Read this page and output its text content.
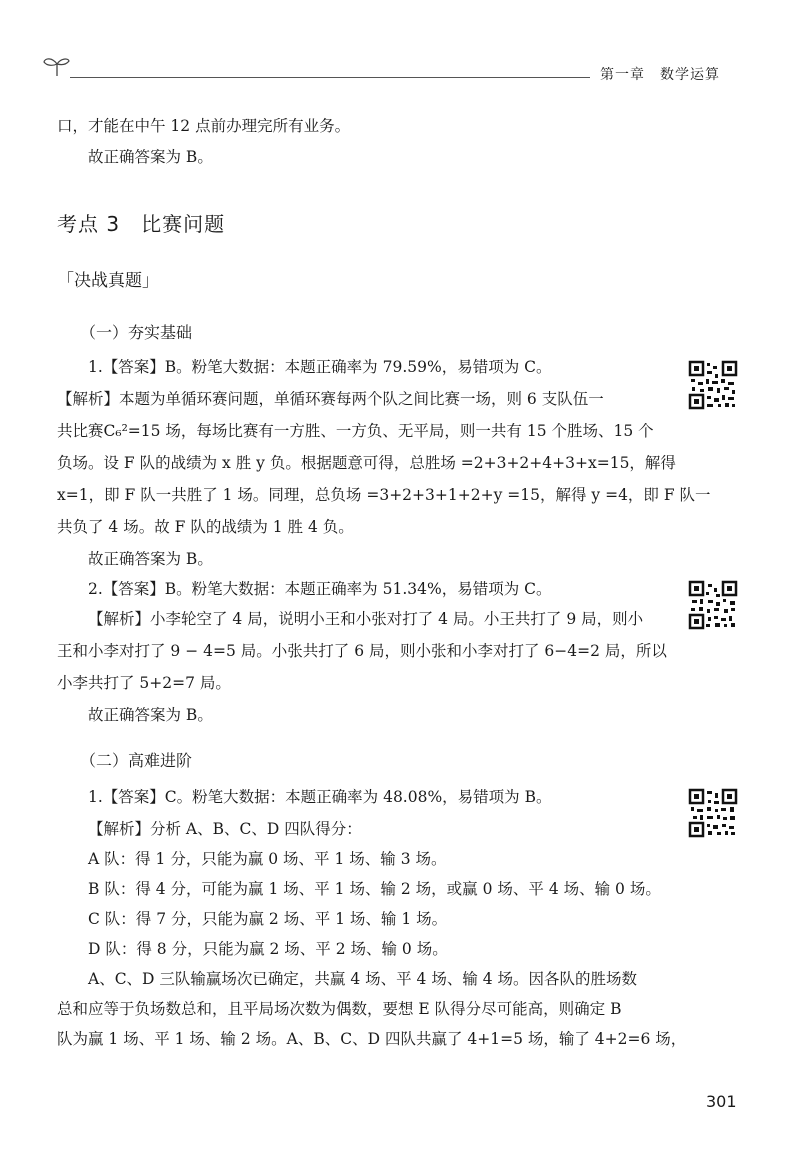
第一章　数学运算
口，才能在中午 12 点前办理完所有业务。
故正确答案为 B。
考点 3　比赛问题
「决战真题」
（一）夯实基础
1.【答案】B。粉笔大数据：本题正确率为 79.59%，易错项为 C。
【解析】本题为单循环赛问题，单循环赛每两个队之间比赛一场，则 6 支队伍一
共比赛C₆²=15 场，每场比赛有一方胜、一方负、无平局，则一共有 15 个胜场、15 个
负场。设 F 队的战绩为 x 胜 y 负。根据题意可得，总胜场 =2+3+2+4+3+x=15，解得
x=1，即 F 队一共胜了 1 场。同理，总负场 =3+2+3+1+2+y =15，解得 y =4，即 F 队一
共负了 4 场。故 F 队的战绩为 1 胜 4 负。
故正确答案为 B。
2.【答案】B。粉笔大数据：本题正确率为 51.34%，易错项为 C。
【解析】小李轮空了 4 局，说明小王和小张对打了 4 局。小王共打了 9 局，则小
王和小李对打了 9 − 4=5 局。小张共打了 6 局，则小张和小李对打了 6−4=2 局，所以
小李共打了 5+2=7 局。
故正确答案为 B。
（二）高难进阶
1.【答案】C。粉笔大数据：本题正确率为 48.08%，易错项为 B。
【解析】分析 A、B、C、D 四队得分：
A 队：得 1 分，只能为赢 0 场、平 1 场、输 3 场。
B 队：得 4 分，可能为赢 1 场、平 1 场、输 2 场，或赢 0 场、平 4 场、输 0 场。
C 队：得 7 分，只能为赢 2 场、平 1 场、输 1 场。
D 队：得 8 分，只能为赢 2 场、平 2 场、输 0 场。
A、C、D 三队输赢场次已确定，共赢 4 场、平 4 场、输 4 场。因各队的胜场数
总和应等于负场数总和，且平局场次数为偶数，要想 E 队得分尽可能高，则确定 B
队为赢 1 场、平 1 场、输 2 场。A、B、C、D 四队共赢了 4+1=5 场，输了 4+2=6 场，
301
